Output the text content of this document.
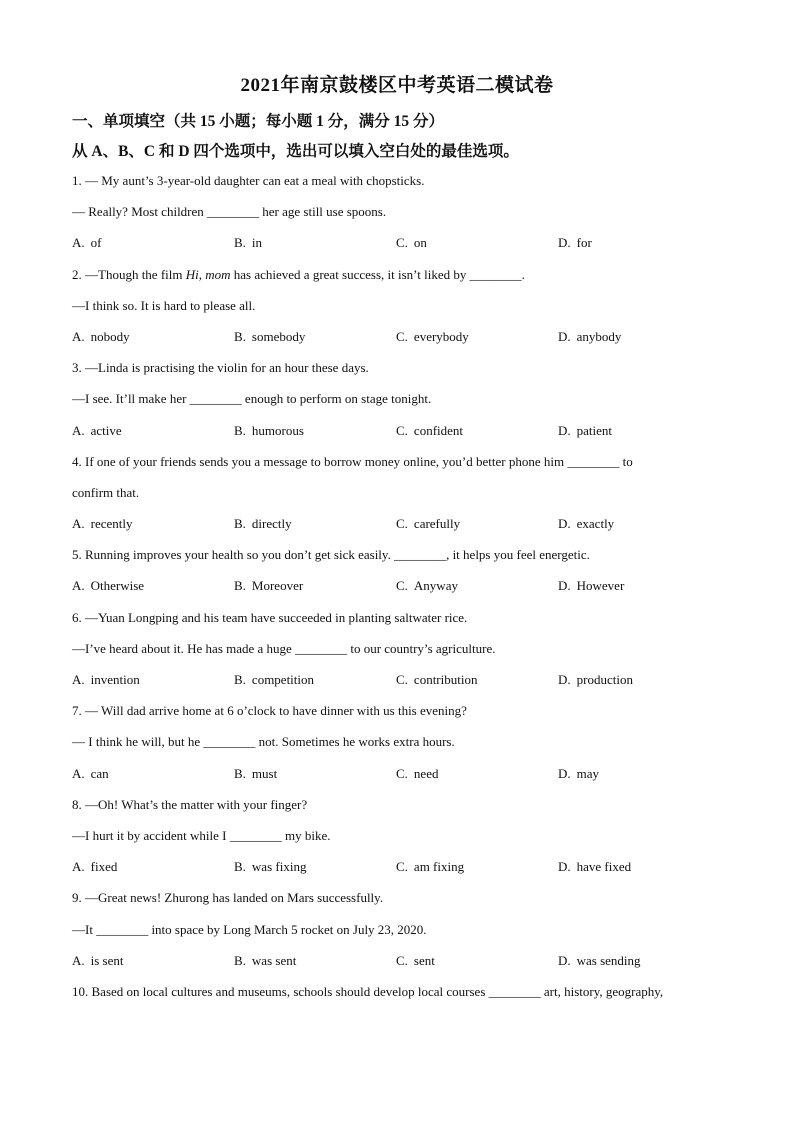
2021年南京鼓楼区中考英语二模试卷
一、单项填空（共 15 小题；每小题 1 分，满分 15 分）
从 A、B、C 和 D 四个选项中，选出可以填入空白处的最佳选项。
1. — My aunt’s 3-year-old daughter can eat a meal with chopsticks.
— Really? Most children ________ her age still use spoons.
A. of	B. in	C. on	D. for
2. —Though the film Hi, mom has achieved a great success, it isn’t liked by ________.
—I think so. It is hard to please all.
A. nobody	B. somebody	C. everybody	D. anybody
3. —Linda is practising the violin for an hour these days.
—I see. It’ll make her ________ enough to perform on stage tonight.
A. active	B. humorous	C. confident	D. patient
4. If one of your friends sends you a message to borrow money online, you’d better phone him ________ to
confirm that.
A. recently	B. directly	C. carefully	D. exactly
5. Running improves your health so you don’t get sick easily. ________, it helps you feel energetic.
A. Otherwise	B. Moreover	C. Anyway	D. However
6. —Yuan Longping and his team have succeeded in planting saltwater rice.
—I’ve heard about it. He has made a huge ________ to our country’s agriculture.
A. invention	B. competition	C. contribution	D. production
7. — Will dad arrive home at 6 o’clock to have dinner with us this evening?
— I think he will, but he ________ not. Sometimes he works extra hours.
A. can	B. must	C. need	D. may
8. —Oh! What’s the matter with your finger?
—I hurt it by accident while I ________ my bike.
A. fixed	B. was fixing	C. am fixing	D. have fixed
9. —Great news! Zhurong has landed on Mars successfully.
—It ________ into space by Long March 5 rocket on July 23, 2020.
A. is sent	B. was sent	C. sent	D. was sending
10. Based on local cultures and museums, schools should develop local courses ________ art, history, geography,
